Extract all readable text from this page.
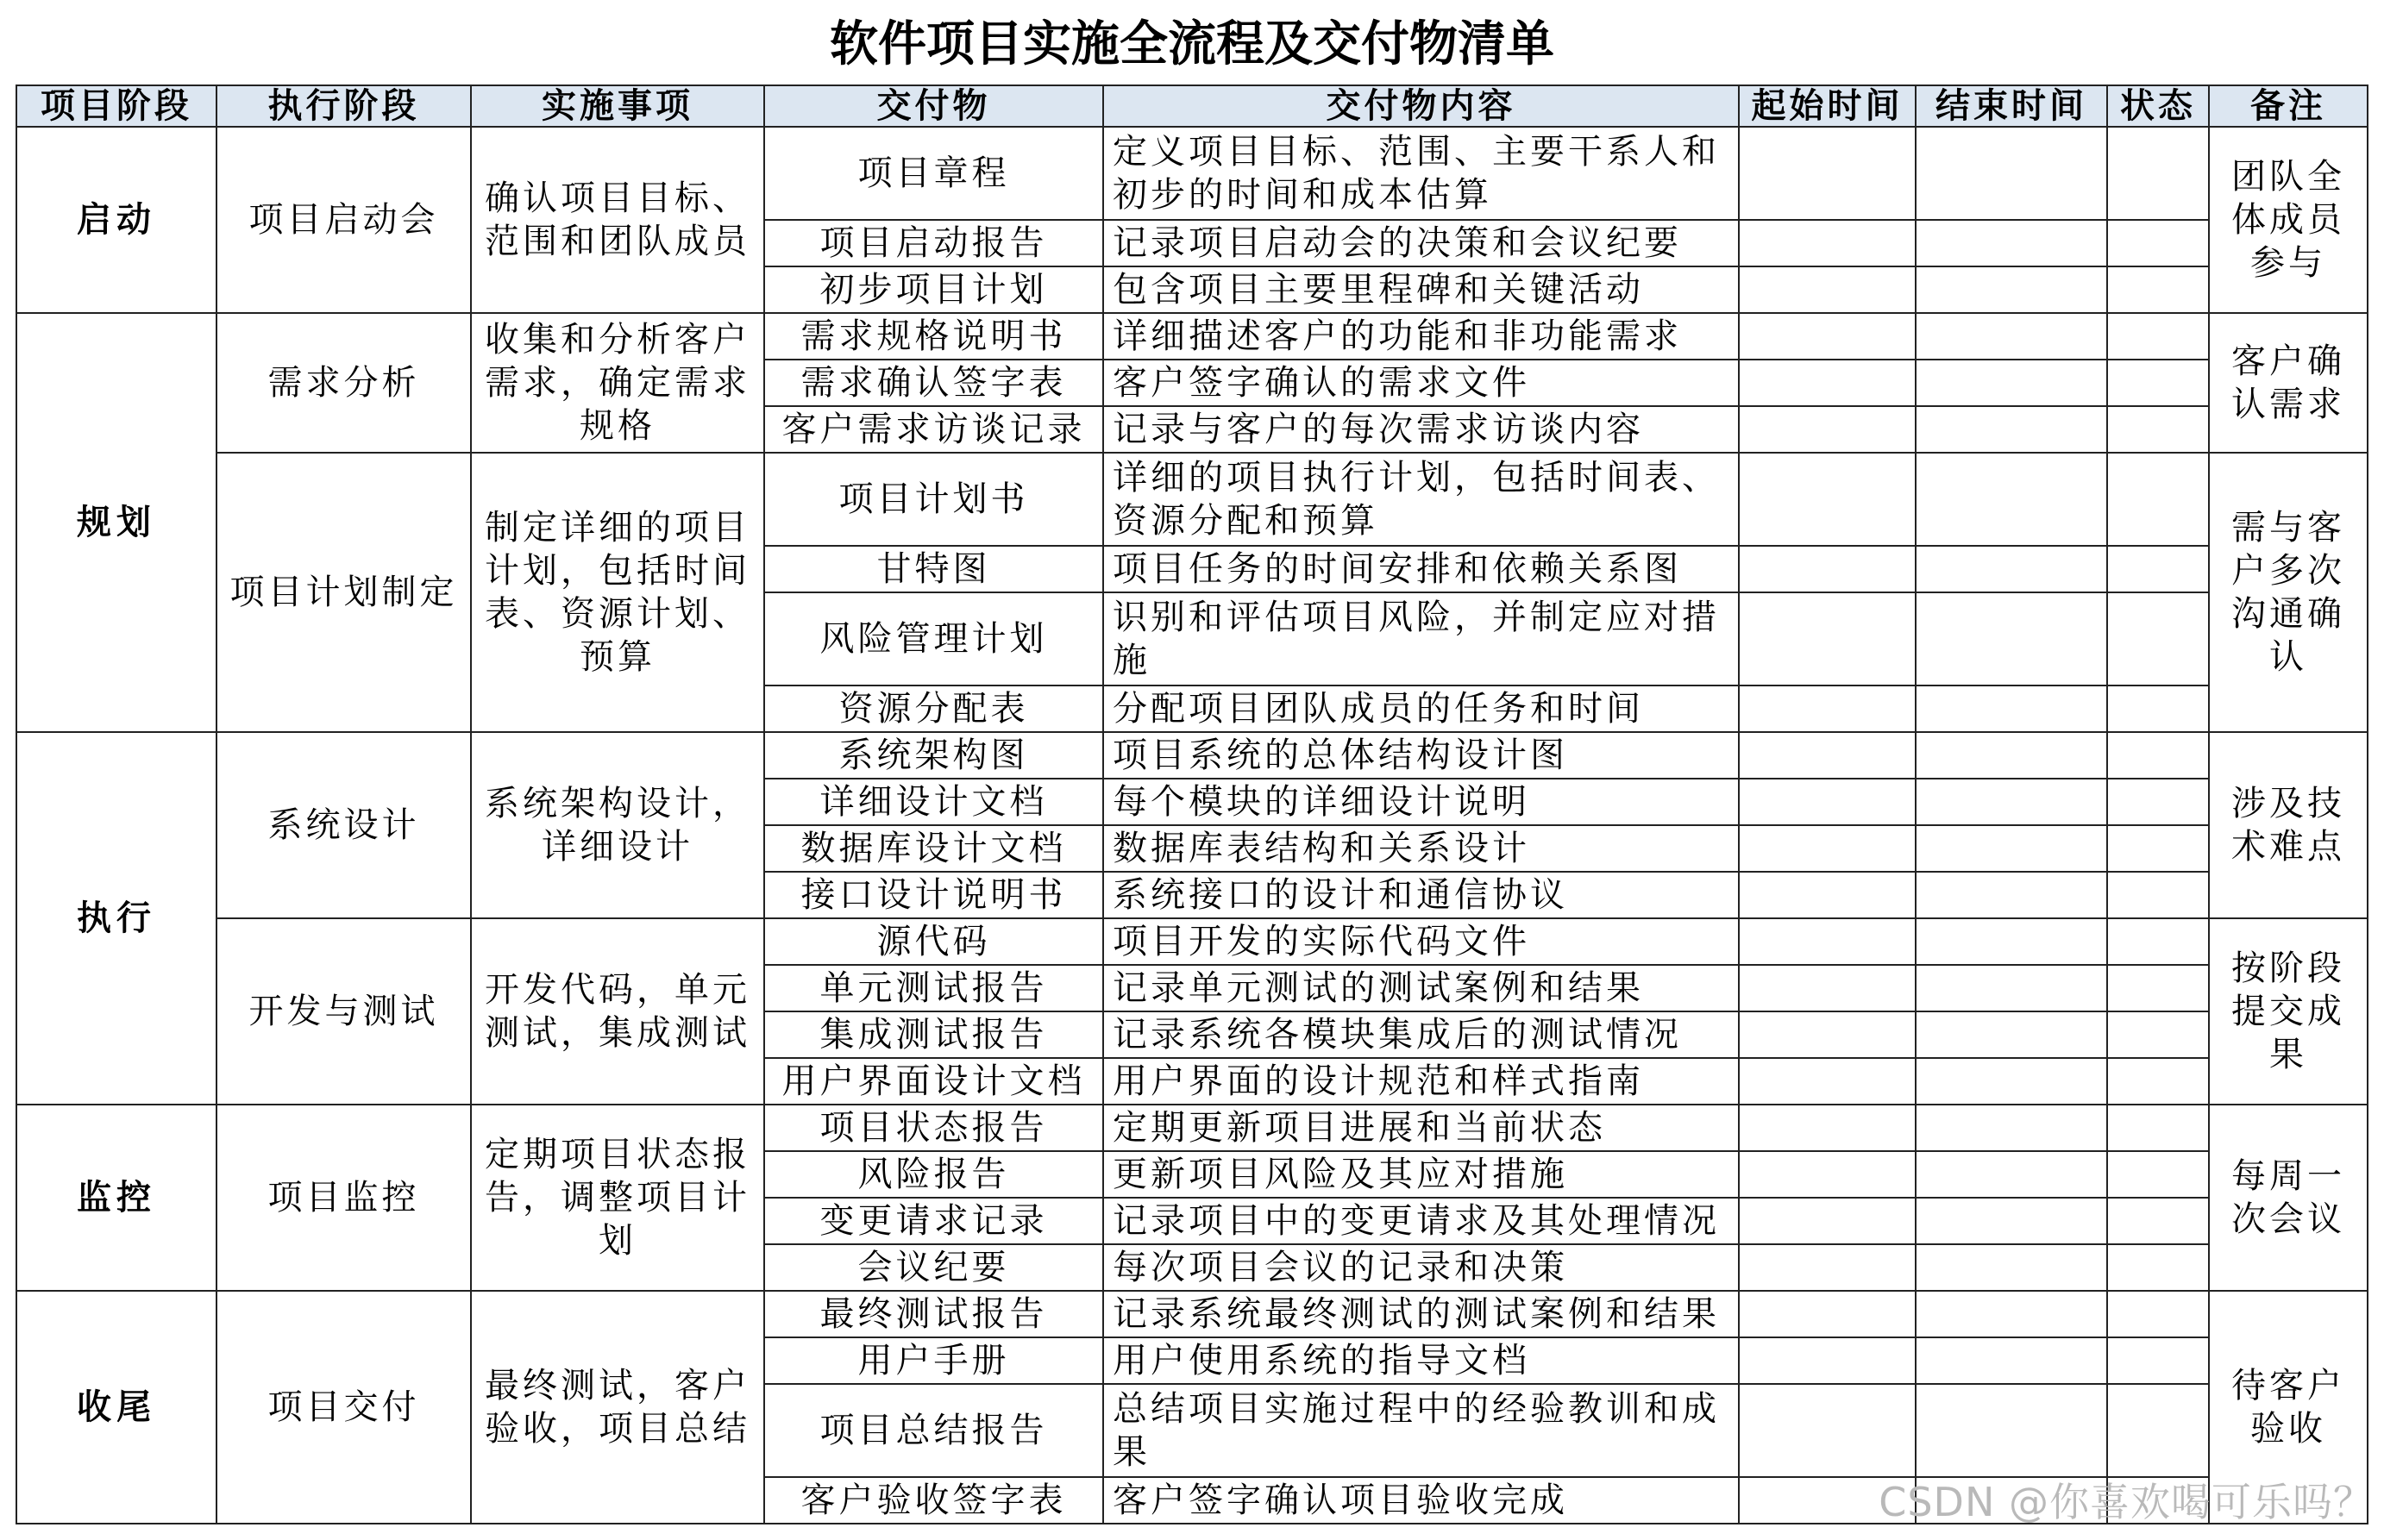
软件项目实施全流程及交付物清单
项目阶段	执行阶段	实施事项	交付物	交付物内容	起始时间	结束时间	状态	备注
启动	项目启动会	确认项目目标、范围和团队成员	项目章程	定义项目目标、范围、主要干系人和初步的时间和成本估算				团队全体成员参与
			项目启动报告	记录项目启动会的决策和会议纪要				
			初步项目计划	包含项目主要里程碑和关键活动				
规划	需求分析	收集和分析客户需求，确定需求规格	需求规格说明书	详细描述客户的功能和非功能需求				客户确认需求
			需求确认签字表	客户签字确认的需求文件				
			客户需求访谈记录	记录与客户的每次需求访谈内容				
	项目计划制定	制定详细的项目计划，包括时间表、资源计划、预算	项目计划书	详细的项目执行计划，包括时间表、资源分配和预算				需与客户多次沟通确认
			甘特图	项目任务的时间安排和依赖关系图				
			风险管理计划	识别和评估项目风险，并制定应对措施				
			资源分配表	分配项目团队成员的任务和时间				
执行	系统设计	系统架构设计，详细设计	系统架构图	项目系统的总体结构设计图				涉及技术难点
			详细设计文档	每个模块的详细设计说明				
			数据库设计文档	数据库表结构和关系设计				
			接口设计说明书	系统接口的设计和通信协议				
	开发与测试	开发代码，单元测试，集成测试	源代码	项目开发的实际代码文件				按阶段提交成果
			单元测试报告	记录单元测试的测试案例和结果				
			集成测试报告	记录系统各模块集成后的测试情况				
			用户界面设计文档	用户界面的设计规范和样式指南				
监控	项目监控	定期项目状态报告，调整项目计划	项目状态报告	定期更新项目进展和当前状态				每周一次会议
			风险报告	更新项目风险及其应对措施				
			变更请求记录	记录项目中的变更请求及其处理情况				
			会议纪要	每次项目会议的记录和决策				
收尾	项目交付	最终测试，客户验收，项目总结	最终测试报告	记录系统最终测试的测试案例和结果				待客户验收
			用户手册	用户使用系统的指导文档				
			项目总结报告	总结项目实施过程中的经验教训和成果				
			客户验收签字表	客户签字确认项目验收完成					CSDN @你喜欢喝可乐吗？
